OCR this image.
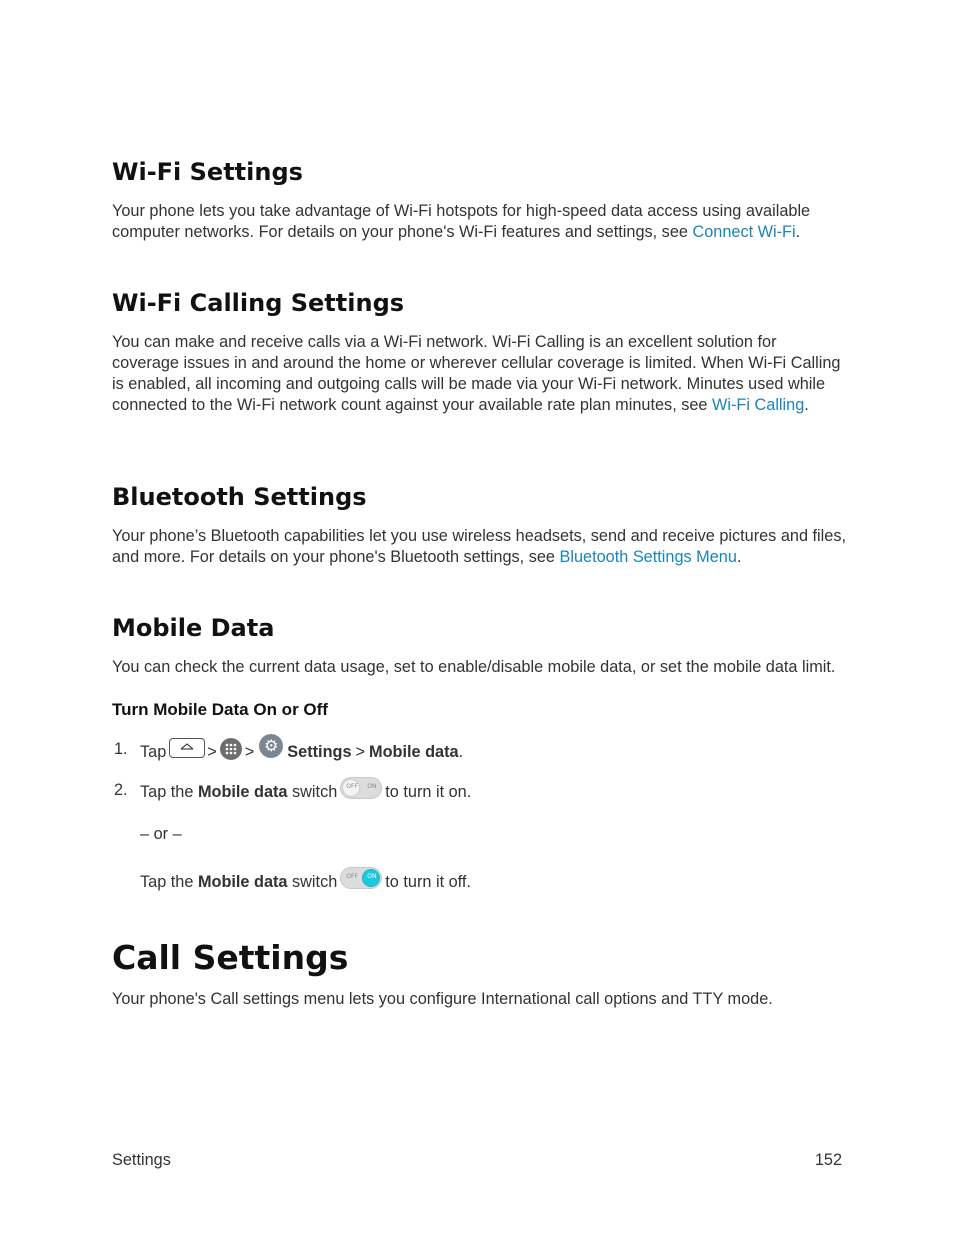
Wi-Fi Settings

Your phone lets you take advantage of Wi-Fi hotspots for high-speed data access using available computer networks. For details on your phone's Wi-Fi features and settings, see Connect Wi-Fi.

Wi-Fi Calling Settings

You can make and receive calls via a Wi-Fi network. Wi-Fi Calling is an excellent solution for coverage issues in and around the home or wherever cellular coverage is limited. When Wi-Fi Calling is enabled, all incoming and outgoing calls will be made via your Wi-Fi network. Minutes used while connected to the Wi-Fi network count against your available rate plan minutes, see Wi-Fi Calling.

Bluetooth Settings

Your phone’s Bluetooth capabilities let you use wireless headsets, send and receive pictures and files, and more. For details on your phone's Bluetooth settings, see Bluetooth Settings Menu.

Mobile Data

You can check the current data usage, set to enable/disable mobile data, or set the mobile data limit.

Turn Mobile Data On or Off
1. Tap	> > ⚙ Settings > Mobile data .
2. Tap the
Mobile data
switch OFF ON to turn it on.
– or –
Tap the
Mobile data
switch OFF ON to turn it off.
Call Settings

Your phone's Call settings menu lets you configure International call options and TTY mode.

Settings	152
